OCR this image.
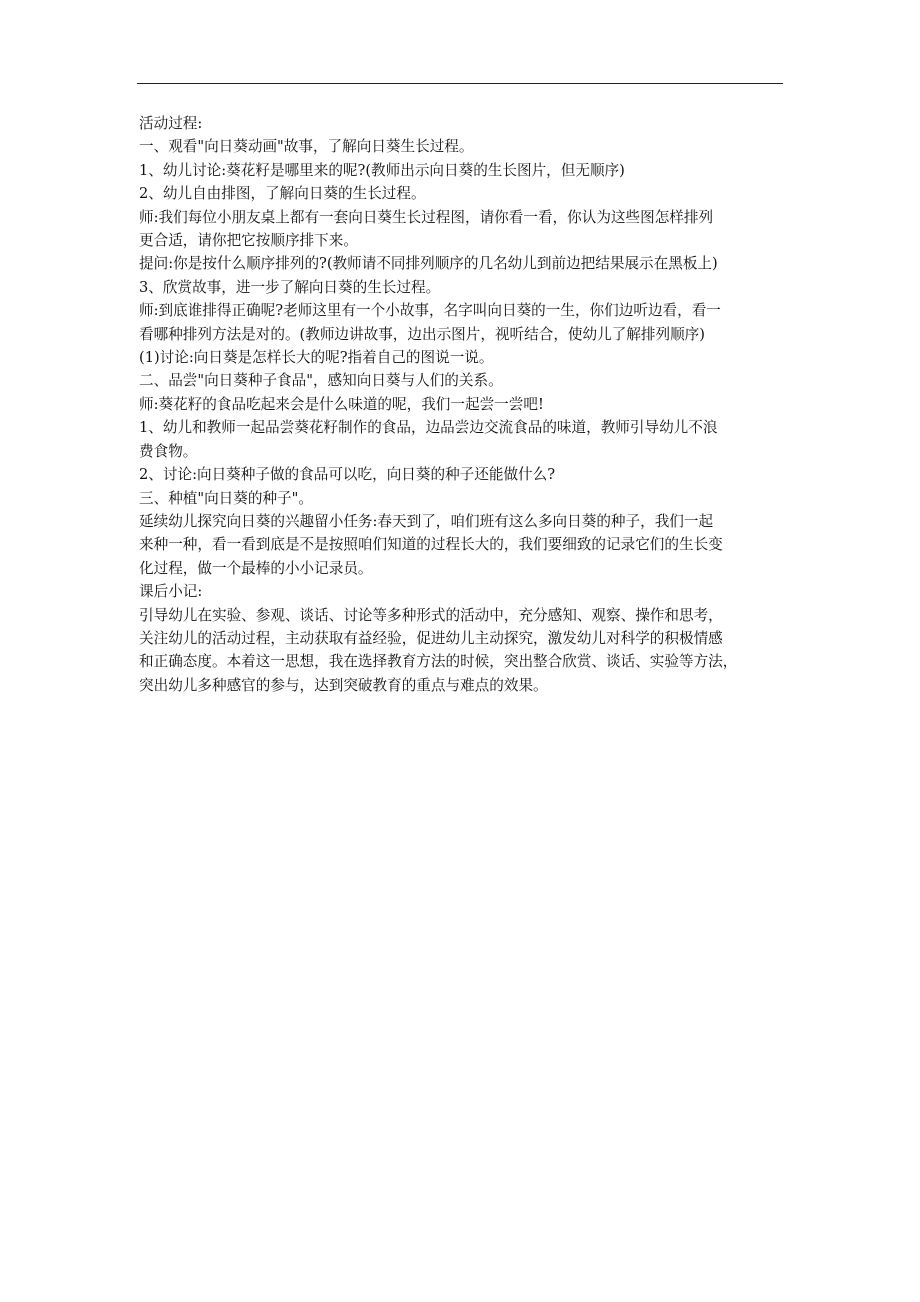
活动过程:
一、观看"向日葵动画"故事，了解向日葵生长过程。
1、幼儿讨论:葵花籽是哪里来的呢?(教师出示向日葵的生长图片，但无顺序)
2、幼儿自由排图，了解向日葵的生长过程。
师:我们每位小朋友桌上都有一套向日葵生长过程图，请你看一看，你认为这些图怎样排列
更合适，请你把它按顺序排下来。
提问:你是按什么顺序排列的?(教师请不同排列顺序的几名幼儿到前边把结果展示在黑板上)
3、欣赏故事，进一步了解向日葵的生长过程。
师:到底谁排得正确呢?老师这里有一个小故事，名字叫向日葵的一生，你们边听边看，看一
看哪种排列方法是对的。(教师边讲故事，边出示图片，视听结合，使幼儿了解排列顺序)
(1)讨论:向日葵是怎样长大的呢?指着自己的图说一说。
二、品尝"向日葵种子食品"，感知向日葵与人们的关系。
师:葵花籽的食品吃起来会是什么味道的呢，我们一起尝一尝吧!
1、幼儿和教师一起品尝葵花籽制作的食品，边品尝边交流食品的味道，教师引导幼儿不浪
费食物。
2、讨论:向日葵种子做的食品可以吃，向日葵的种子还能做什么?
三、种植"向日葵的种子"。
延续幼儿探究向日葵的兴趣留小任务:春天到了，咱们班有这么多向日葵的种子，我们一起
来种一种，看一看到底是不是按照咱们知道的过程长大的，我们要细致的记录它们的生长变
化过程，做一个最棒的小小记录员。
课后小记:
引导幼儿在实验、参观、谈话、讨论等多种形式的活动中，充分感知、观察、操作和思考，
关注幼儿的活动过程，主动获取有益经验，促进幼儿主动探究，激发幼儿对科学的积极情感
和正确态度。本着这一思想，我在选择教育方法的时候，突出整合欣赏、谈话、实验等方法，
突出幼儿多种感官的参与，达到突破教育的重点与难点的效果。
